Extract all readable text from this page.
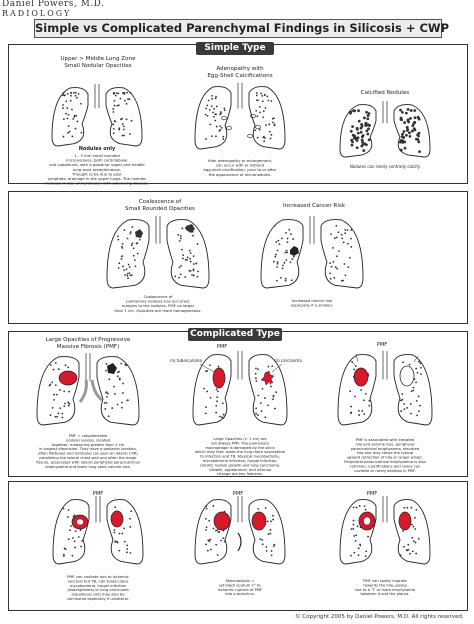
Daniel Powers, M.D.
RADIOLOGY
Simple vs Complicated Parenchymal Findings in Silicosis + CWP
Simple Type
Complicated Type
Upper > Middle Lung Zone
Small Nodular Opacities
Nodules only
1 - 3 mm small rounded
micronodules, both centrilobular
and subpleural, with a posterior upper and middle
lung zone predominance.
Thought to be due to poor
lymphatic drainage in the upper lungs. The nodules
increase in size and profusion with advancing disease.
Adenopathy with
Egg-Shell Calcifications
Hilar adenopathy or enlargement,
can occur with or without
egg-shell calcification, prior to or after
the appearance of micronodules.
Calcified Nodules
Nodules can rarely centrally calcify
Coalescence of
Small Rounded Opacities
Coalescence of
pulmonary nodules has occurred;
margins to the nodules. PMF no larger
than 1 cm. Opacities are more homogeneous.
Increased Cancer Risk
Increased cancer risk
especially if a smoker.
Large Opacities of Progressive
Massive Fibrosis (PMF)
PMF = conglomerate
nodular lesions, located
together, measuring greater than 1 cm
in longest dimension. They have a posterior location,
often flattened and lenticular (as seen on lateral CXR)
paralleling the lateral chest wall and often the major
fissure, associated with lateral peripheral paracicatricial
emphysema and lower lung zone volume loss.
PMF
r/o tuberculoma	r/o carcinoma
Large Opacities (> 1 cm) are
not always PMF. The pulmonary
macrophage is damaged by the silica
which may then make the lung more susceptible
to infection and TB. Atypical mycobacteria,
mycobacteria infection, fungal infection,
silicotic nodule growth and lung carcinoma.
Growth, appearance, and interval
change are key features.
PMF
PMF is associated with elevated
hila and volume loss, peripheral
paracicatricial emphysema, elevated
hila and may cause the typical
upward retraction of hila or 'angel wings'.
Peripheral paracicatrical emphysema is also
common. Calcifications and rarely can
cavitate or rarely develop in PMF.
PMF
PMF can cavitate due to ischemic
necrosis but TB, non-tuberculous
mycobacteria, fungal infection
(aspergilloma) or lung carcinoma
(squamous cell) may also be
carcinoma especially if unilateral.
PMF
Melanoptysis =
jet black sputum 2° to
ischemic rupture of PMF
into a bronchus.
PMF
PMF can slowly migrate
towards the hila, giving
rise to a 'T' or more emphysema
between it and the pleura.
© Copyright 2005 by Daniel Powers, M.D. All rights reserved.
